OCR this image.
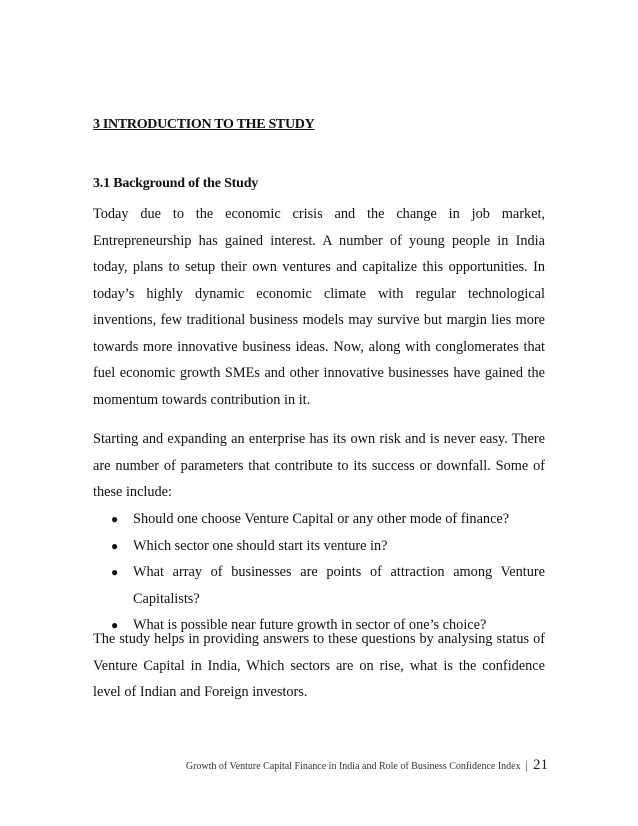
3 INTRODUCTION TO THE STUDY
3.1 Background of the Study

Today due to the economic crisis and the change in job market, Entrepreneurship has gained interest. A number of young people in India today, plans to setup their own ventures and capitalize this opportunities. In today’s highly dynamic economic climate with regular technological inventions, few traditional business models may survive but margin lies more towards more innovative business ideas. Now, along with conglomerates that fuel economic growth SMEs and other innovative businesses have gained the momentum towards contribution in it.

Starting and expanding an enterprise has its own risk and is never easy. There are number of parameters that contribute to its success or downfall. Some of these include:

● Should one choose Venture Capital or any other mode of finance?
● Which sector one should start its venture in?
● What array of businesses are points of attraction among Venture Capitalists?
● What is possible near future growth in sector of one’s choice?

The study helps in providing answers to these questions by analysing status of Venture Capital in India, Which sectors are on rise, what is the confidence level of Indian and Foreign investors.

Growth of Venture Capital Finance in India and Role of Business Confidence Index | 21
